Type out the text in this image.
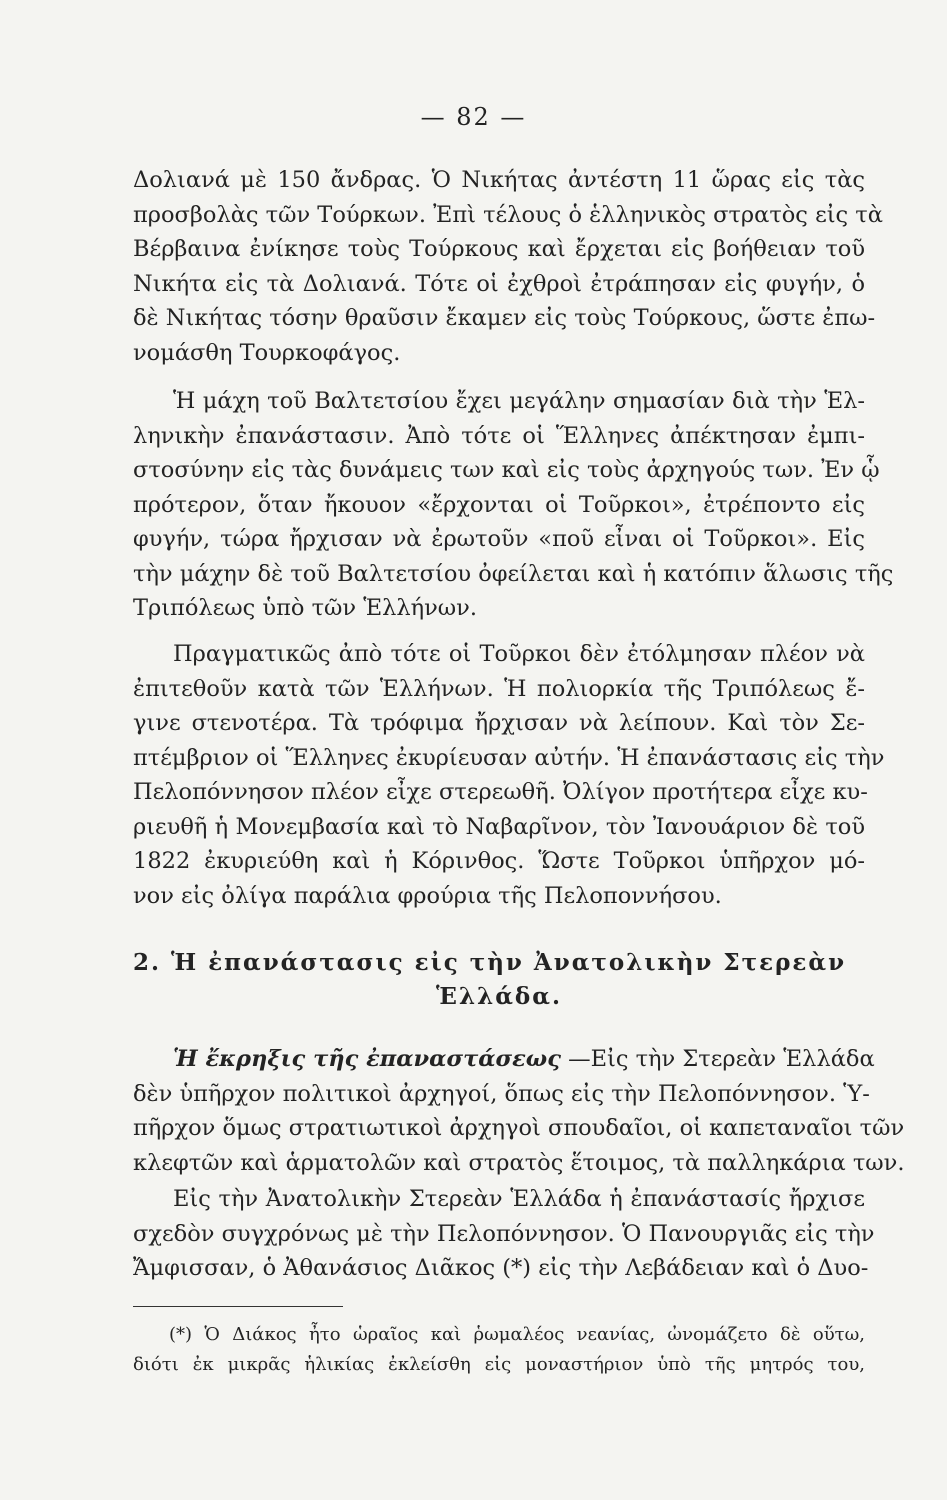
— 82 —
Δολιανά μὲ 150 ἄνδρας. Ὁ Νικήτας ἀντέστη 11 ὥρας εἰς τὰς
προσβολὰς τῶν Τούρκων. Ἐπὶ τέλους ὁ ἑλληνικὸς στρατὸς εἰς τὰ
Βέρβαινα ἐνίκησε τοὺς Τούρκους καὶ ἔρχεται εἰς βοήθειαν τοῦ
Νικήτα εἰς τὰ Δολιανά. Τότε οἱ ἐχθροὶ ἐτράπησαν εἰς φυγήν, ὁ
δὲ Νικήτας τόσην θραῦσιν ἔκαμεν εἰς τοὺς Τούρκους, ὥστε ἐπω-
νομάσθη Τουρκοφάγος.
Ἡ μάχη τοῦ Βαλτετσίου ἔχει μεγάλην σημασίαν διὰ τὴν Ἑλ-
ληνικὴν ἐπανάστασιν. Ἀπὸ τότε οἱ Ἕλληνες ἀπέκτησαν ἐμπι-
στοσύνην εἰς τὰς δυνάμεις των καὶ εἰς τοὺς ἀρχηγούς των. Ἐν ᾧ
πρότερον, ὅταν ἤκουον «ἔρχονται οἱ Τοῦρκοι», ἐτρέποντο εἰς
φυγήν, τώρα ἤρχισαν νὰ ἐρωτοῦν «ποῦ εἶναι οἱ Τοῦρκοι». Εἰς
τὴν μάχην δὲ τοῦ Βαλτετσίου ὀφείλεται καὶ ἡ κατόπιν ἅλωσις τῆς
Τριπόλεως ὑπὸ τῶν Ἑλλήνων.
Πραγματικῶς ἀπὸ τότε οἱ Τοῦρκοι δὲν ἐτόλμησαν πλέον νὰ
ἐπιτεθοῦν κατὰ τῶν Ἑλλήνων. Ἡ πολιορκία τῆς Τριπόλεως ἔ-
γινε στενοτέρα. Τὰ τρόφιμα ἤρχισαν νὰ λείπουν. Καὶ τὸν Σε-
πτέμβριον οἱ Ἕλληνες ἐκυρίευσαν αὐτήν. Ἡ ἐπανάστασις εἰς τὴν
Πελοπόννησον πλέον εἶχε στερεωθῆ. Ὀλίγον προτήτερα εἶχε κυ-
ριευθῆ ἡ Μονεμβασία καὶ τὸ Ναβαρῖνον, τὸν Ἰανουάριον δὲ τοῦ
1822 ἐκυριεύθη καὶ ἡ Κόρινθος. Ὥστε Τοῦρκοι ὑπῆρχον μό-
νον εἰς ὀλίγα παράλια φρούρια τῆς Πελοποννήσου.
2. Ἡ ἐπανάστασις εἰς τὴν Ἀνατολικὴν Στερεὰν
Ἑλλάδα.
Ἡ ἔκρηξις τῆς ἐπαναστάσεως —Εἰς τὴν Στερεὰν Ἑλλάδα
δὲν ὑπῆρχον πολιτικοὶ ἀρχηγοί, ὅπως εἰς τὴν Πελοπόννησον. Ὑ-
πῆρχον ὅμως στρατιωτικοὶ ἀρχηγοὶ σπουδαῖοι, οἱ καπεταναῖοι τῶν
κλεφτῶν καὶ ἁρματολῶν καὶ στρατὸς ἕτοιμος, τὰ παλληκάρια των.
Εἰς τὴν Ἀνατολικὴν Στερεὰν Ἑλλάδα ἡ ἐπανάστασίς ἤρχισε
σχεδὸν συγχρόνως μὲ τὴν Πελοπόννησον. Ὁ Πανουργιᾶς εἰς τὴν
Ἄμφισσαν, ὁ Ἀθανάσιος Διᾶκος (*) εἰς τὴν Λεβάδειαν καὶ ὁ Δυο-
(*) Ὁ Διάκος ἦτο ὡραῖος καὶ ῥωμαλέος νεανίας, ὠνομάζετο δὲ οὕτω,
διότι ἐκ μικρᾶς ἡλικίας ἐκλείσθη εἰς μοναστήριον ὑπὸ τῆς μητρός του,
